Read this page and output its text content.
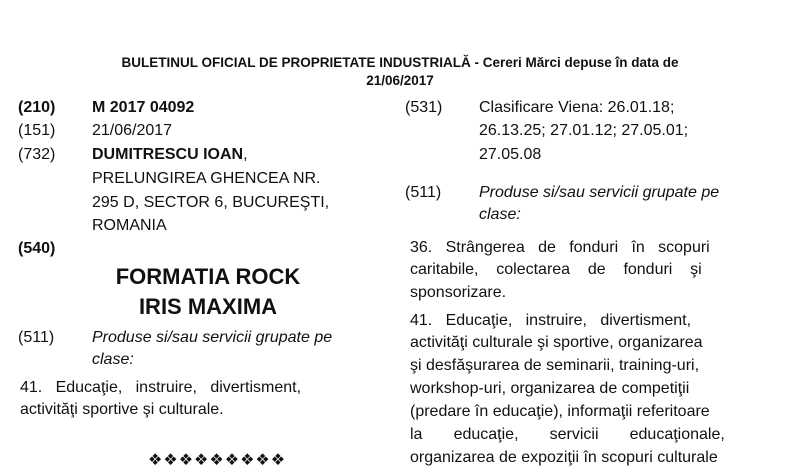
BULETINUL OFICIAL DE PROPRIETATE INDUSTRIALĂ - Cereri Mărci depuse în data de
21/06/2017
(210) M 2017 04092
(151) 21/06/2017
(732) DUMITRESCU IOAN,
PRELUNGIREA GHENCEA NR.
295 D, SECTOR 6, BUCUREŞTI,
ROMANIA
(540)
FORMATIA ROCK
IRIS MAXIMA
(511) Produse si/sau servicii grupate pe
clase:
41.   Educaţie,   instruire,   divertisment,
activităţi sportive şi culturale.
❖❖❖❖❖❖❖❖❖
(531) Clasificare Viena: 26.01.18;
26.13.25; 27.01.12; 27.05.01;
27.05.08
(511) Produse si/sau servicii grupate pe
clase:
36.   Strângerea   de   fonduri   în   scopuri
caritabile,    colectarea    de    fonduri    şi
sponsorizare.
41.   Educaţie,   instruire,   divertisment,
activităţi culturale şi sportive, organizarea
şi desfăşurarea de seminarii, training-uri,
workshop-uri, organizarea de competiţii
(predare în educaţie), informaţii referitoare
la       educaţie,       servicii       educaţionale,
organizarea de expoziţii în scopuri culturale
